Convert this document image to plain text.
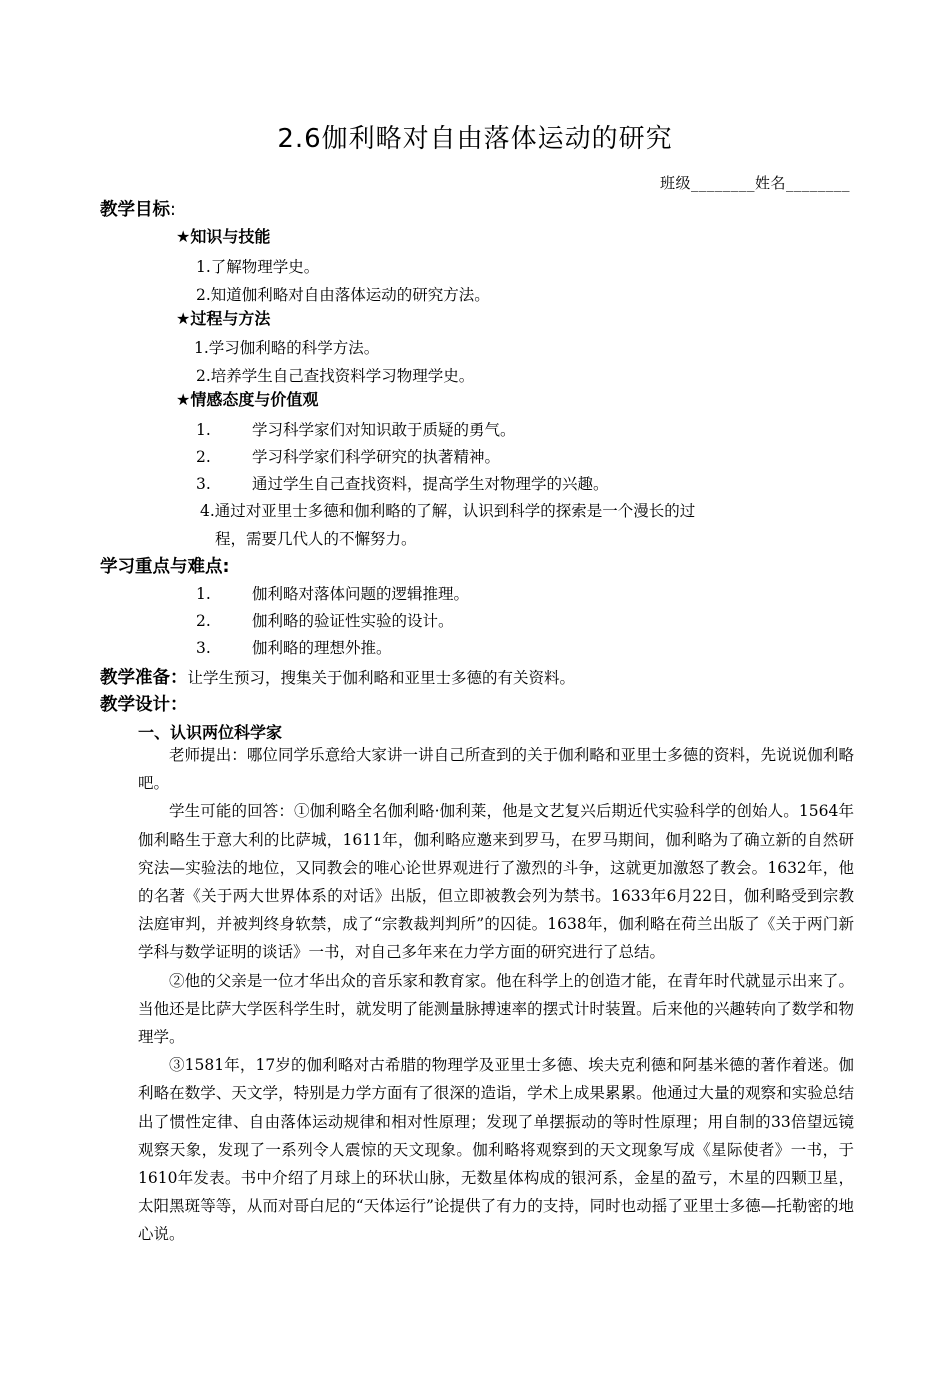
2.6伽利略对自由落体运动的研究
班级________姓名________
教学目标:
★知识与技能
1.了解物理学史。
2.知道伽利略对自由落体运动的研究方法。
★过程与方法
1.学习伽利略的科学方法。
2.培养学生自己查找资料学习物理学史。
★情感态度与价值观
1.	学习科学家们对知识敢于质疑的勇气。
2.	学习科学家们科学研究的执著精神。
3.	通过学生自己查找资料，提高学生对物理学的兴趣。
4.通过对亚里士多德和伽利略的了解，认识到科学的探索是一个漫长的过
程，需要几代人的不懈努力。
学习重点与难点:
1.	伽利略对落体问题的逻辑推理。
2.	伽利略的验证性实验的设计。
3.	伽利略的理想外推。
教学准备：让学生预习，搜集关于伽利略和亚里士多德的有关资料。
教学设计：
一、认识两位科学家

老师提出：哪位同学乐意给大家讲一讲自己所查到的关于伽利略和亚里士多德的资料，先说说伽利略吧。

学生可能的回答：①伽利略全名伽利略·伽利莱，他是文艺复兴后期近代实验科学的创始人。1564年伽利略生于意大利的比萨城，1611年，伽利略应邀来到罗马，在罗马期间，伽利略为了确立新的自然研究法—实验法的地位，又同教会的唯心论世界观进行了激烈的斗争，这就更加激怒了教会。1632年，他的名著《关于两大世界体系的对话》出版，但立即被教会列为禁书。1633年6月22日，伽利略受到宗教法庭审判，并被判终身软禁，成了“宗教裁判判所”的囚徒。1638年，伽利略在荷兰出版了《关于两门新学科与数学证明的谈话》一书，对自己多年来在力学方面的研究进行了总结。

②他的父亲是一位才华出众的音乐家和教育家。他在科学上的创造才能，在青年时代就显示出来了。当他还是比萨大学医科学生时，就发明了能测量脉搏速率的摆式计时装置。后来他的兴趣转向了数学和物理学。

③1581年，17岁的伽利略对古希腊的物理学及亚里士多德、埃夫克利德和阿基米德的著作着迷。伽利略在数学、天文学，特别是力学方面有了很深的造诣，学术上成果累累。他通过大量的观察和实验总结出了惯性定律、自由落体运动规律和相对性原理；发现了单摆振动的等时性原理；用自制的33倍望远镜观察天象，发现了一系列令人震惊的天文现象。伽利略将观察到的天文现象写成《星际使者》一书，于1610年发表。书中介绍了月球上的环状山脉，无数星体构成的银河系，金星的盈亏，木星的四颗卫星，太阳黑斑等等，从而对哥白尼的“天体运行”论提供了有力的支持，同时也动摇了亚里士多德—托勒密的地心说。
